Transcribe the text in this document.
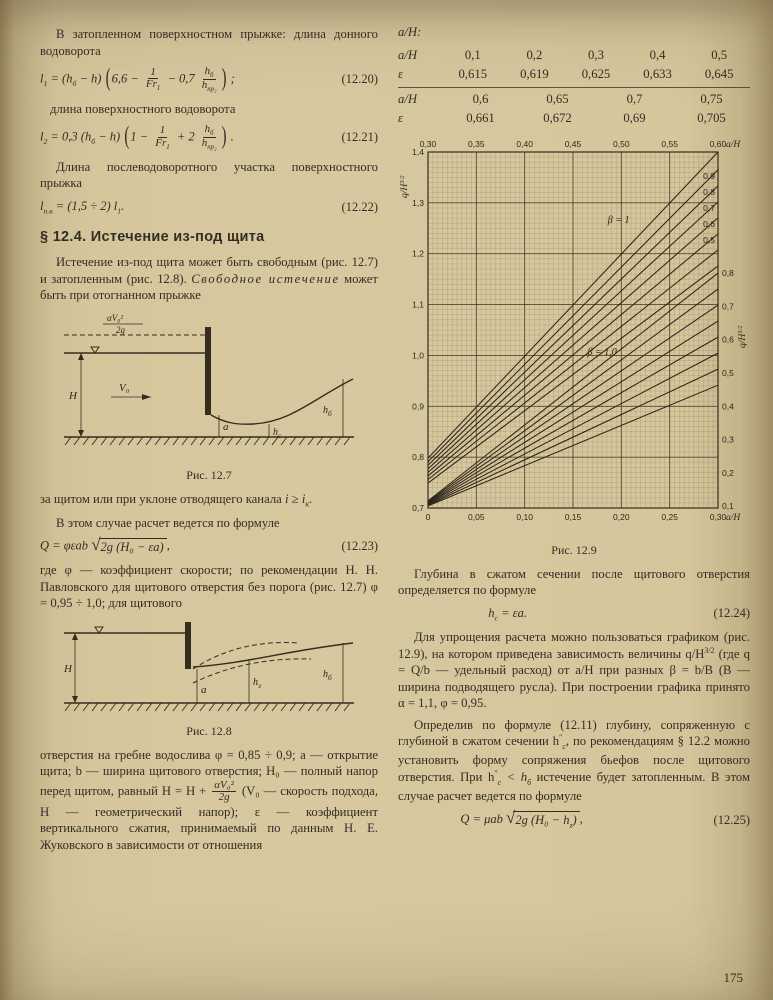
В затопленном поверхностном прыжке: длина донного водоворота

$l_1 = (h_б - h) (6,6 - \frac{1}{Fr_1} - 0,7 \frac{h_б}{h_{пр_2}}$ ) ;	(12.20)

длина поверхностного водоворота

$l_2 = 0,3$ $(h_б - h) (1 - \frac{1}{Fr_1} + 2 \frac{h_б}{h_{пр_2}}$ ) .	(12.21)

Длина послеводоворотного участка поверхностного прыжка

$l_{п.в} = (1,5 \div 2)$ $l_1$.	(12.22)
§ 12.4. Истечение из-под щита

Истечение из-под щита может быть свободным (рис. 12.7) и затопленным (рис. 12.8). Свободное истечение может быть при отогнанном прыжке

H
V₀
αV₀²
2g
a	$h_c$
$h_б$
Рис. 12.7

за щитом или при уклоне отводящего канала $i \ge i_к$.

В этом случае расчет ведется по формуле

Q = φεab √ 2g (H₀ − εa) ,	(12.23)

где φ — коэффициент скорости; по рекомендации Н. Н. Павловского для щитового отверстия без порога (рис. 12.7) φ = 0,95 ÷ 1,0; для щитового

H
a
$h_з$
$h_б$
Рис. 12.8

отверстия на гребне водослива φ = 0,85 ÷ 0,9; a — открытие щита; b — ширина щитового отверстия; H₀ — полный напор перед щитом, равный $H = H + \frac{\text{αV₀²}}{2g} (V_0$ — скорость подхода, H — геометрический напор); ε — коэффициент вертикального сжатия, принимаемый по данным Н. Е. Жуковского в зависимости от отношения

a/H:

a/H	0,1	0,2	0,3	0,4	0,5
ε	0,615	0,619	0,625	0,633	0,645
a/H	0,6	0,65	0,7	0,75
ε	0,661	0,672	0,69	0,705
0,30	0,35	0,40	0,45	0,50	0,55	0,60
0	0,05	0,10	0,15	0,20	0,25	0,30
1,4
1,3
1,2
1,1
1,0
0,9
0,8
0,7
0,8
0,7
0,6
0,5
0,4
0,3
0,2
0,1
a/H
a/H
$q/H^{3/2}$
$q/H^{3/2}$
0,9
0,8
0,7
0,6
0,5
β = 1
β = 1,0
Рис. 12.9

Глубина в сжатом сечении после щитового отверстия определяется по формуле

$h_c = \varepsilon a$.	(12.24)

Для упрощения расчета можно пользоваться графиком (рис. 12.9), на котором приведена зависимость величины $q/H^{3/2}$ (где q = Q/b — удельный расход) от a/H при разных β = b/B (B — ширина подводящего русла). При построении графика принято α = 1,1, φ = 0,95.

Определив по формуле (12.11) глубину, сопряженную с глубиной в сжатом сечении $h''_c$, по рекомендациям § 12.2 можно установить форму сопряжения бьефов после щитового отверстия. При $h''_c < h_б$ истечение будет затопленным. В этом случае расчет ведется по формуле

Q = μab √ 2g $(H_0 - h_z)$ ,	(12.25)
175
